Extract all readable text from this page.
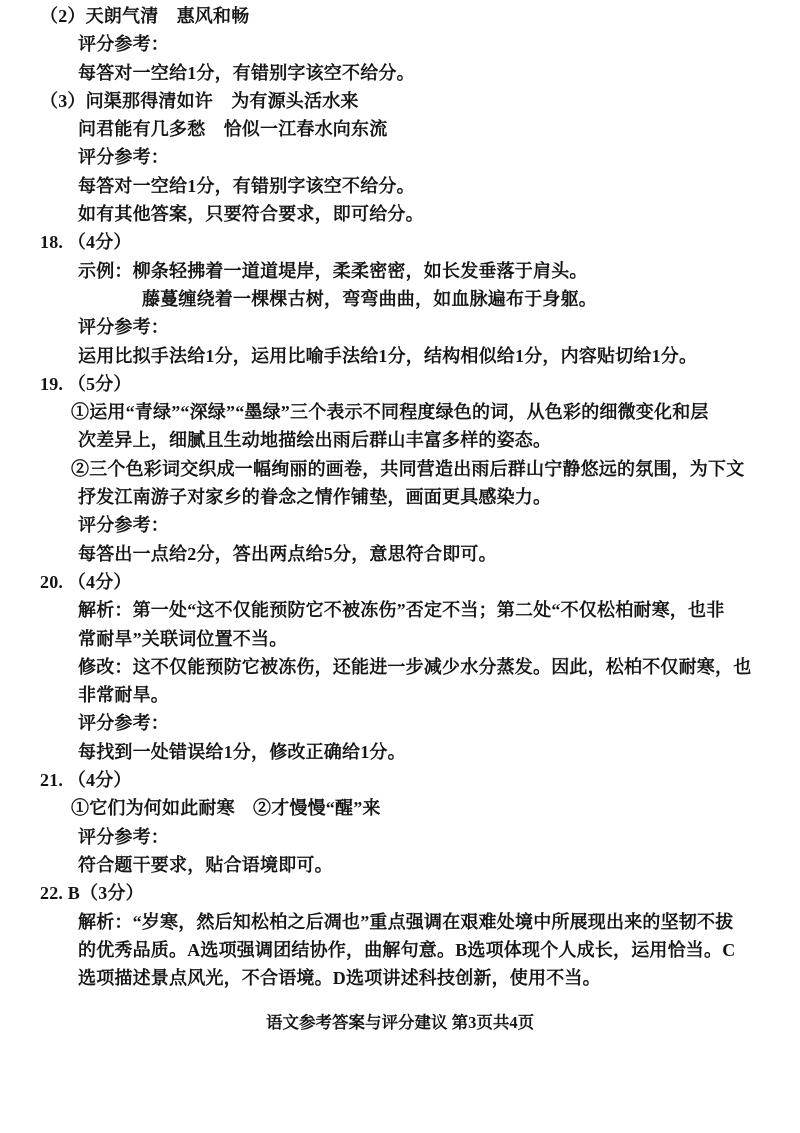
（2）天朗气清　惠风和畅
评分参考：
每答对一空给1分，有错别字该空不给分。
（3）问渠那得清如许　为有源头活水来
问君能有几多愁　恰似一江春水向东流
评分参考：
每答对一空给1分，有错别字该空不给分。
如有其他答案，只要符合要求，即可给分。
18. （4分）
示例：柳条轻拂着一道道堤岸，柔柔密密，如长发垂落于肩头。
藤蔓缠绕着一棵棵古树，弯弯曲曲，如血脉遍布于身躯。
评分参考：
运用比拟手法给1分，运用比喻手法给1分，结构相似给1分，内容贴切给1分。
19. （5分）
①运用“青绿”“深绿”“墨绿”三个表示不同程度绿色的词，从色彩的细微变化和层
次差异上，细腻且生动地描绘出雨后群山丰富多样的姿态。
②三个色彩词交织成一幅绚丽的画卷，共同营造出雨后群山宁静悠远的氛围，为下文
抒发江南游子对家乡的眷念之情作铺垫，画面更具感染力。
评分参考：
每答出一点给2分，答出两点给5分，意思符合即可。
20. （4分）
解析：第一处“这不仅能预防它不被冻伤”否定不当；第二处“不仅松柏耐寒，也非
常耐旱”关联词位置不当。
修改：这不仅能预防它被冻伤，还能进一步减少水分蒸发。因此，松柏不仅耐寒，也
非常耐旱。
评分参考：
每找到一处错误给1分，修改正确给1分。
21. （4分）
①它们为何如此耐寒　②才慢慢“醒”来
评分参考：
符合题干要求，贴合语境即可。
22. B（3分）
解析：“岁寒，然后知松柏之后凋也”重点强调在艰难处境中所展现出来的坚韧不拔
的优秀品质。A选项强调团结协作，曲解句意。B选项体现个人成长，运用恰当。C
选项描述景点风光，不合语境。D选项讲述科技创新，使用不当。
语文参考答案与评分建议 第3页共4页
